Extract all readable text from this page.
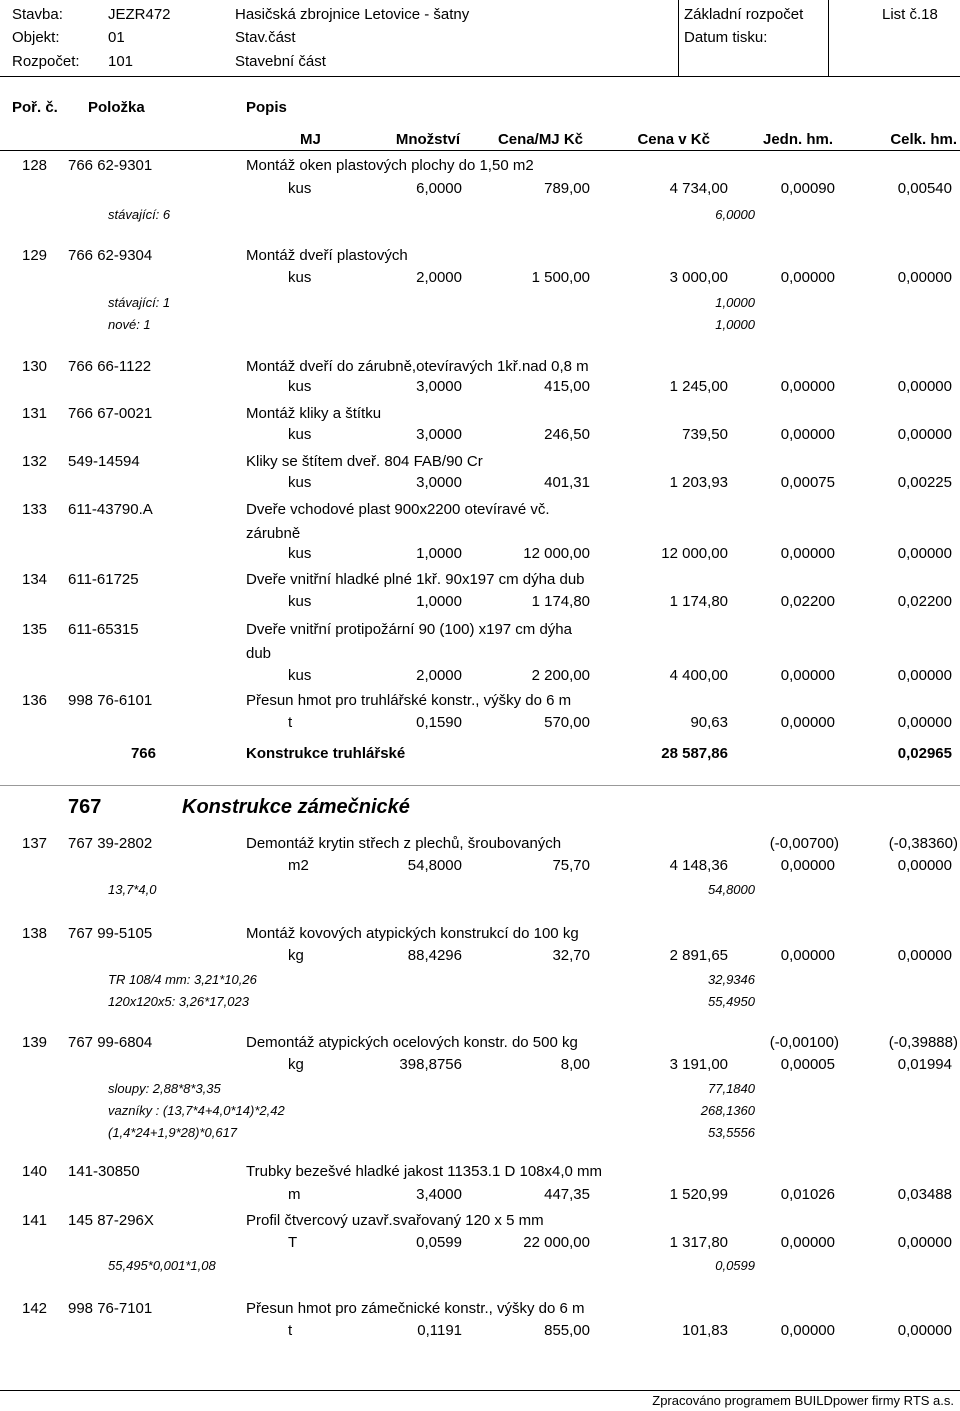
Stavba:	JEZR472	Hasičská zbrojnice Letovice - šatny	Základní rozpočet	List č.18
Objekt:	01	Stav.část	Datum tisku:
Rozpočet: 101	Stavební část
Poř. č. Položka	Popis
MJ	Množství	Cena/MJ Kč	Cena v Kč	Jedn. hm.	Celk. hm.
128 766 62-9301	Montáž oken plastových plochy do 1,50 m2
kus	6,0000	789,00	4 734,00	0,00090	0,00540
stávající: 6	6,0000
129 766 62-9304	Montáž dveří plastových
kus	2,0000	1 500,00	3 000,00	0,00000	0,00000
stávající: 1	1,0000
nové: 1	1,0000
130 766 66-1122	Montáž dveří do zárubně,otevíravých 1kř.nad 0,8 m
kus	3,0000	415,00	1 245,00	0,00000	0,00000
131 766 67-0021	Montáž kliky a štítku
kus	3,0000	246,50	739,50	0,00000	0,00000
132 549-14594	Kliky se štítem dveř. 804 FAB/90 Cr
kus	3,0000	401,31	1 203,93	0,00075	0,00225
133 611-43790.A	Dveře vchodové plast 900x2200 otevíravé vč.
zárubně
kus	1,0000	12 000,00	12 000,00	0,00000	0,00000
134 611-61725	Dveře vnitřní hladké plné 1kř. 90x197 cm dýha dub
kus	1,0000	1 174,80	1 174,80	0,02200	0,02200
135 611-65315	Dveře vnitřní protipožární 90 (100) x197 cm dýha
dub
kus	2,0000	2 200,00	4 400,00	0,00000	0,00000
136 998 76-6101	Přesun hmot pro truhlářské konstr., výšky do 6 m
t	0,1590	570,00	90,63	0,00000	0,00000
766	Konstrukce truhlářské	28 587,86	0,02965
767	Konstrukce zámečnické
137 767 39-2802	Demontáž krytin střech z plechů, šroubovaných	(-0,00700)	(-0,38360)
m2	54,8000	75,70	4 148,36	0,00000	0,00000
13,7*4,0	54,8000
138 767 99-5105	Montáž kovových atypických konstrukcí do 100 kg
kg	88,4296	32,70	2 891,65	0,00000	0,00000
TR 108/4 mm: 3,21*10,26	32,9346
120x120x5: 3,26*17,023	55,4950
139 767 99-6804	Demontáž atypických ocelových konstr. do 500 kg	(-0,00100)	(-0,39888)
kg	398,8756	8,00	3 191,00	0,00005	0,01994
sloupy: 2,88*8*3,35	77,1840
vazníky : (13,7*4+4,0*14)*2,42	268,1360
(1,4*24+1,9*28)*0,617	53,5556
140 141-30850	Trubky bezešvé hladké jakost 11353.1 D 108x4,0 mm
m	3,4000	447,35	1 520,99	0,01026	0,03488
141 145 87-296X	Profil čtvercový uzavř.svařovaný 120 x 5 mm
T	0,0599	22 000,00	1 317,80	0,00000	0,00000
55,495*0,001*1,08	0,0599
142 998 76-7101	Přesun hmot pro zámečnické konstr., výšky do 6 m
t	0,1191	855,00	101,83	0,00000	0,00000
Zpracováno programem BUILDpower firmy RTS a.s.
